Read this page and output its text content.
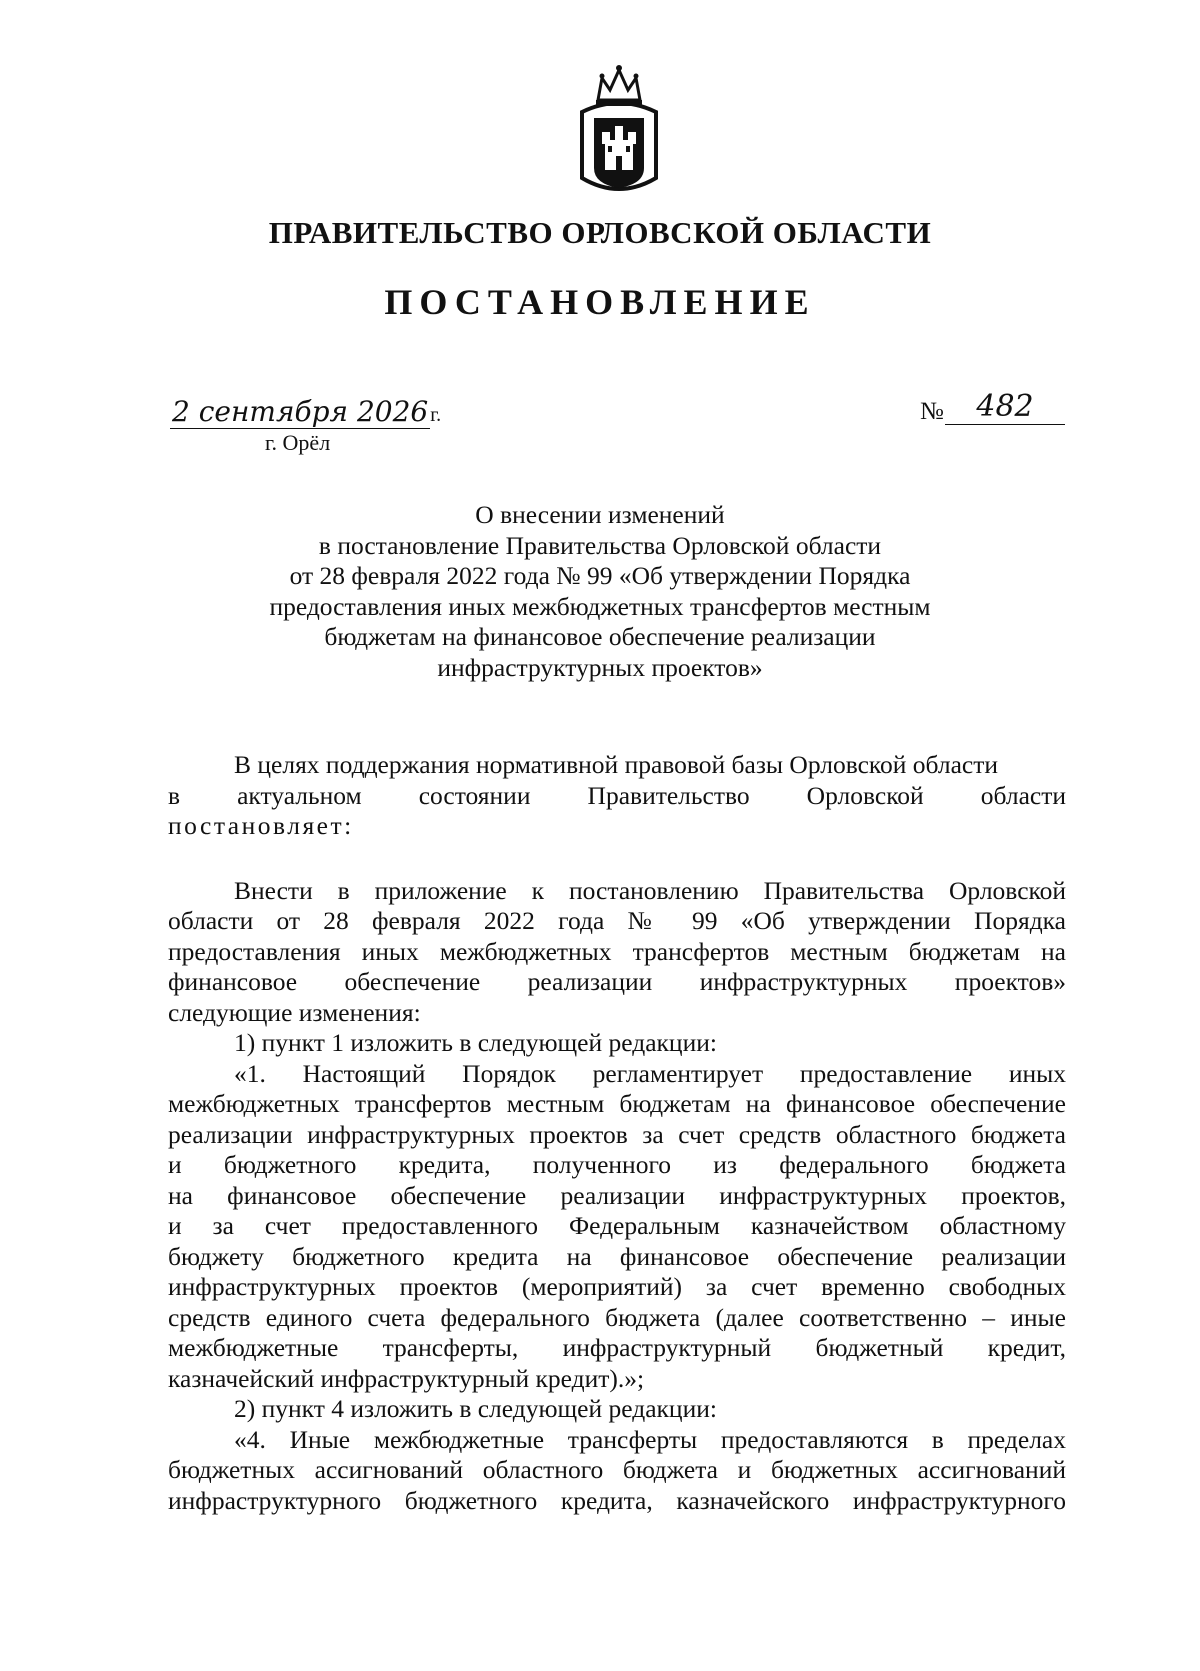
ПРАВИТЕЛЬСТВО ОРЛОВСКОЙ ОБЛАСТИ
ПОСТАНОВЛЕНИЕ
2 сентября 2026 г.
г. Орёл
№	482
О внесении изменений
в постановление Правительства Орловской области
от 28 февраля 2022 года № 99 «Об утверждении Порядка
предоставления иных межбюджетных трансфертов местным
бюджетам на финансовое обеспечение реализации
инфраструктурных проектов»
В целях поддержания нормативной правовой базы Орловской области
в актуальном состоянии Правительство Орловской области
постановляет:
Внести в приложение к постановлению Правительства Орловской
области от 28 февраля 2022 года № 99 «Об утверждении Порядка
предоставления иных межбюджетных трансфертов местным бюджетам на
финансовое обеспечение реализации инфраструктурных проектов»
следующие изменения:
1) пункт 1 изложить в следующей редакции:
«1. Настоящий Порядок регламентирует предоставление иных
межбюджетных трансфертов местным бюджетам на финансовое обеспечение
реализации инфраструктурных проектов за счет средств областного бюджета
и бюджетного кредита, полученного из федерального бюджета
на финансовое обеспечение реализации инфраструктурных проектов,
и за счет предоставленного Федеральным казначейством областному
бюджету бюджетного кредита на финансовое обеспечение реализации
инфраструктурных проектов (мероприятий) за счет временно свободных
средств единого счета федерального бюджета (далее соответственно – иные
межбюджетные трансферты, инфраструктурный бюджетный кредит,
казначейский инфраструктурный кредит).»;
2) пункт 4 изложить в следующей редакции:
«4. Иные межбюджетные трансферты предоставляются в пределах
бюджетных ассигнований областного бюджета и бюджетных ассигнований
инфраструктурного бюджетного кредита, казначейского инфраструктурного
